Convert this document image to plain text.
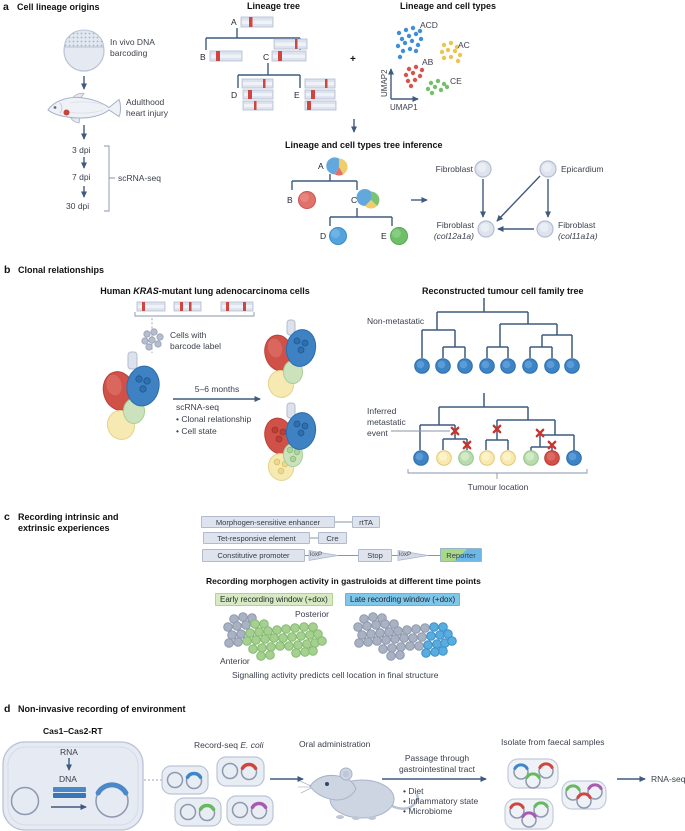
a Cell lineage origins
In vivo DNA
barcoding
Adulthood
heart injury
3 dpi
7 dpi
30 dpi
scRNA-seq
Lineage tree
A
B	C
D	E
+
Lineage and cell types
ACD
AC
AB
CE
UMAP2
UMAP1
Lineage and cell types tree inference
A
B	C
D	E
Fibroblast	Epicardium
Fibroblast
(col12a1a)
Fibroblast
(col11a1a)
b Clonal relationships
Human KRAS-mutant lung adenocarcinoma cells
Cells with
barcode label
5–6 months
scRNA-seq
• Clonal relationship
• Cell state
Reconstructed tumour cell family tree
Non-metastatic
Inferred
metastatic
event
Tumour location
c Recording intrinsic and
extrinsic experiences
Morphogen-sensitive enhancer	rtTA
Tet-responsive element	Cre
Constitutive promoter	loxP	Stop	loxP	Reporter
Recording morphogen activity in gastruloids at different time points
Early recording window (+dox)	Late recording window (+dox)
Posterior
Anterior
Signalling activity predicts cell location in final structure
d Non-invasive recording of environment
Cas1–Cas2-RT
RNA
DNA
Record-seq E. coli	Oral administration
Passage through
gastrointestinal tract
• Diet
• Inflammatory state
• Microbiome
Isolate from faecal samples
RNA-seq
